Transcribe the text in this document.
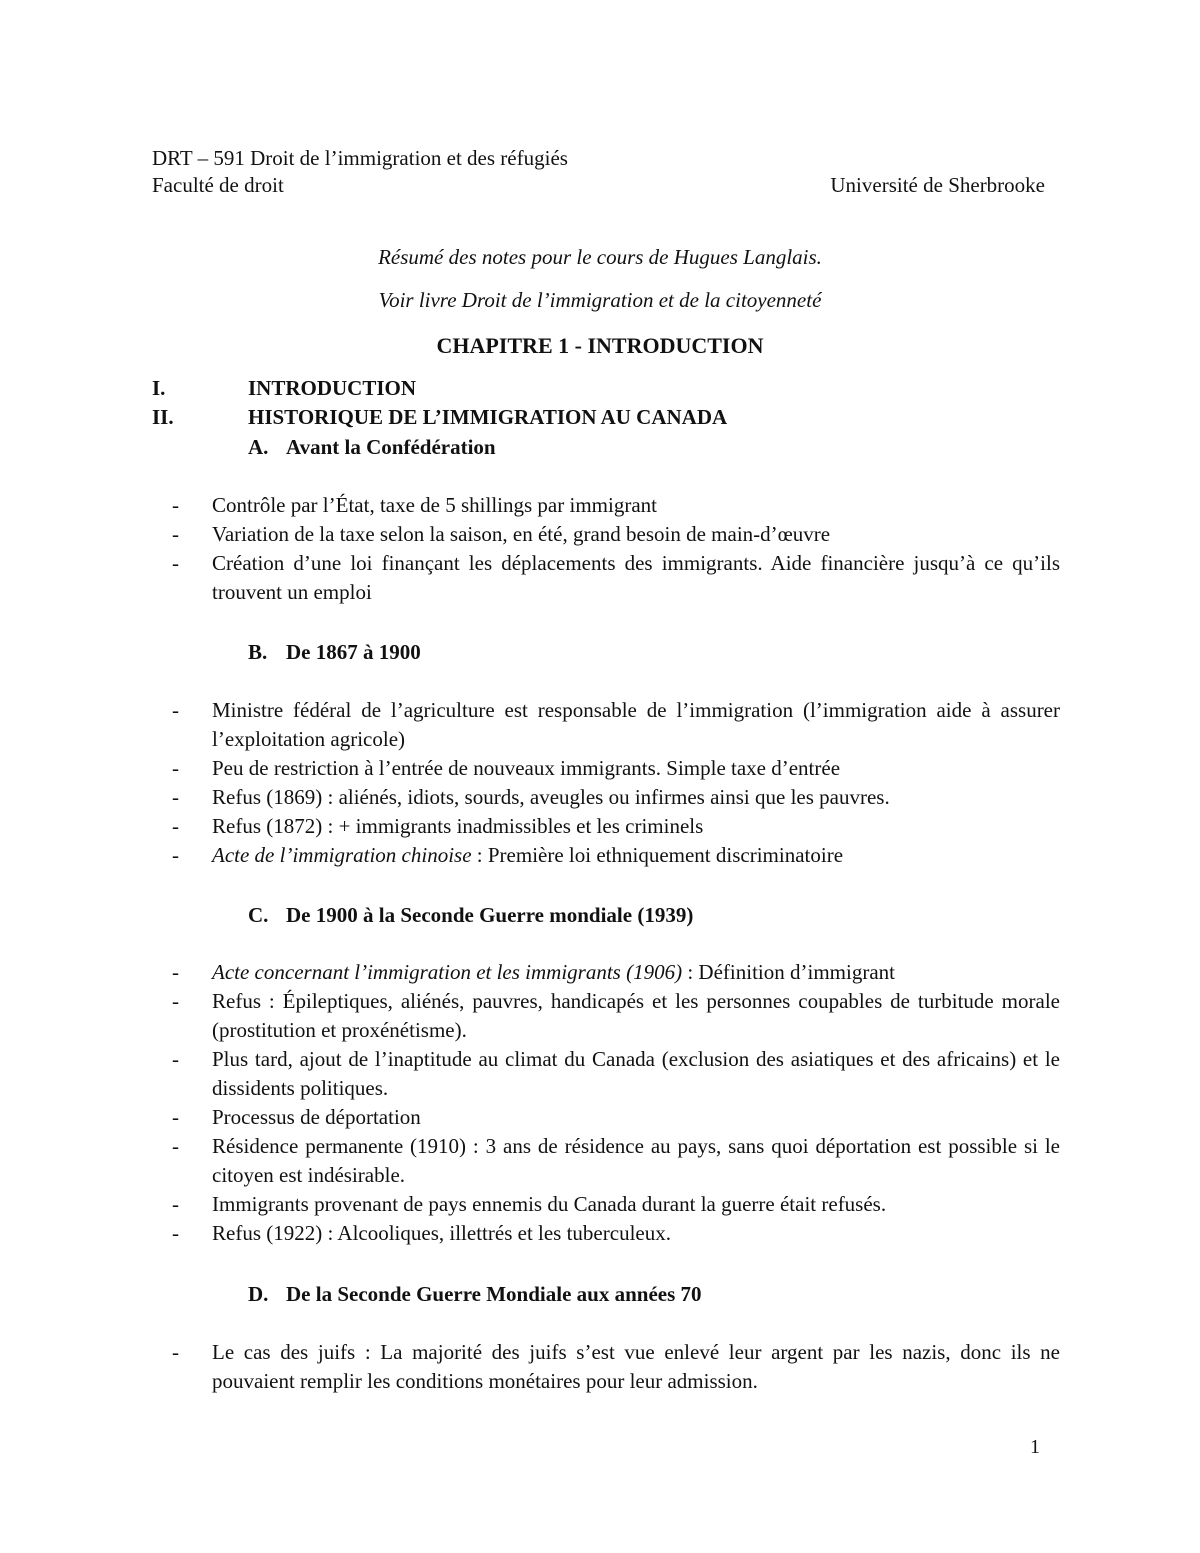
DRT – 591 Droit de l’immigration et des réfugiés
Faculté de droit	Université de Sherbrooke
Résumé des notes pour le cours de Hugues Langlais.
Voir livre Droit de l’immigration et de la citoyenneté
CHAPITRE 1 - INTRODUCTION
I.	INTRODUCTION
II.	HISTORIQUE DE L’IMMIGRATION AU CANADA
A. Avant la Confédération
- Contrôle par l’État, taxe de 5 shillings par immigrant
- Variation de la taxe selon la saison, en été, grand besoin de main-d’œuvre
- Création d’une loi finançant les déplacements des immigrants. Aide financière jusqu’à ce qu’ils trouvent un emploi
B. De 1867 à 1900
- Ministre fédéral de l’agriculture est responsable de l’immigration (l’immigration aide à assurer l’exploitation agricole)
- Peu de restriction à l’entrée de nouveaux immigrants. Simple taxe d’entrée
- Refus (1869) : aliénés, idiots, sourds, aveugles ou infirmes ainsi que les pauvres.
- Refus (1872) : + immigrants inadmissibles et les criminels
- Acte de l’immigration chinoise : Première loi ethniquement discriminatoire
C. De 1900 à la Seconde Guerre mondiale (1939)
- Acte concernant l’immigration et les immigrants (1906) : Définition d’immigrant
- Refus : Épileptiques, aliénés, pauvres, handicapés et les personnes coupables de turbitude morale (prostitution et proxénétisme).
- Plus tard, ajout de l’inaptitude au climat du Canada (exclusion des asiatiques et des africains) et le dissidents politiques.
- Processus de déportation
- Résidence permanente (1910) : 3 ans de résidence au pays, sans quoi déportation est possible si le citoyen est indésirable.
- Immigrants provenant de pays ennemis du Canada durant la guerre était refusés.
- Refus (1922) : Alcooliques, illettrés et les tuberculeux.
D. De la Seconde Guerre Mondiale aux années 70
- Le cas des juifs : La majorité des juifs s’est vue enlevé leur argent par les nazis, donc ils ne pouvaient remplir les conditions monétaires pour leur admission.
1
